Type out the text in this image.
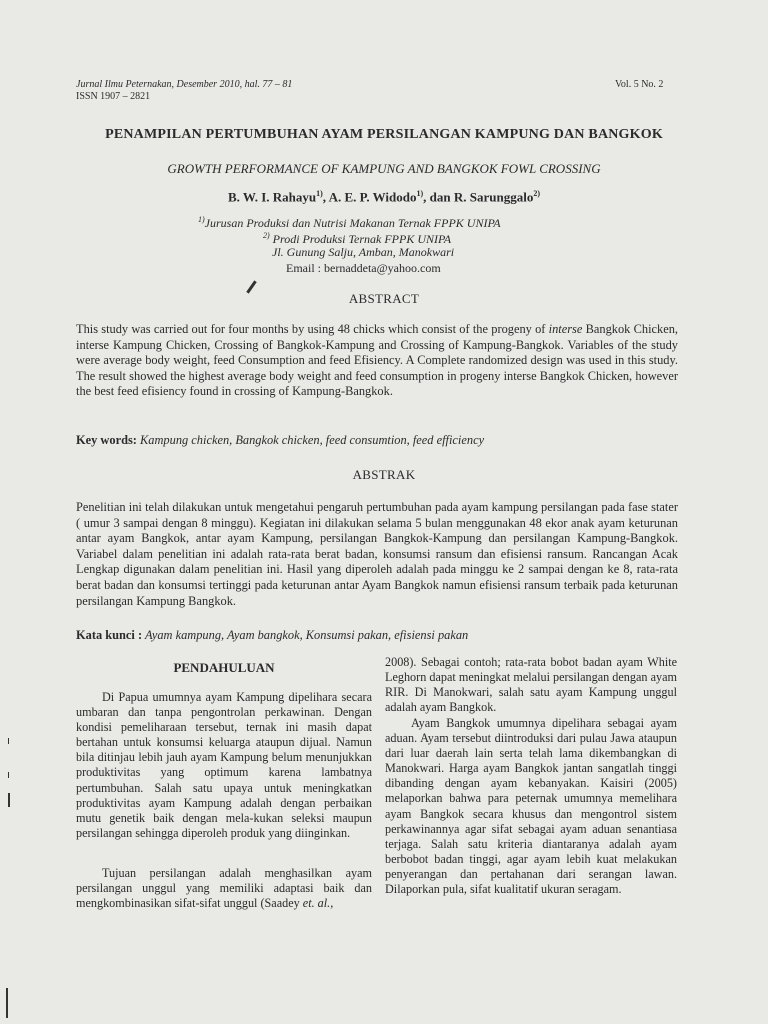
Jurnal Ilmu Peternakan, Desember 2010, hal. 77 – 81
ISSN 1907 – 2821
Vol. 5 No. 2
PENAMPILAN PERTUMBUHAN AYAM PERSILANGAN KAMPUNG DAN BANGKOK
GROWTH PERFORMANCE OF KAMPUNG AND BANGKOK FOWL CROSSING
B. W. I. Rahayu$^{1)}$, A. E. P. Widodo$^{1)}$, dan R. Sarunggalo$^{2)}$
$^{1)}$Jurusan Produksi dan Nutrisi Makanan Ternak FPPK UNIPA
$^{2)}$ Prodi Produksi Ternak FPPK UNIPA
Jl. Gunung Salju, Amban, Manokwari
Email : bernaddeta@yahoo.com
ABSTRACT
This study was carried out for four months by using 48 chicks which consist of the progeny of interse Bangkok Chicken, interse Kampung Chicken, Crossing of Bangkok-Kampung and Crossing of Kampung-Bangkok. Variables of the study were average body weight, feed Consumption and feed Efisiency. A Complete randomized design was used in this study. The result showed the highest average body weight and feed consumption in progeny interse Bangkok Chicken, however the best feed efisiency found in crossing of Kampung-Bangkok.
Key words: Kampung chicken, Bangkok chicken, feed consumtion, feed efficiency
ABSTRAK
Penelitian ini telah dilakukan untuk mengetahui pengaruh pertumbuhan pada ayam kampung persilangan pada fase stater ( umur 3 sampai dengan 8 minggu). Kegiatan ini dilakukan selama 5 bulan menggunakan 48 ekor anak ayam keturunan antar ayam Bangkok, antar ayam Kampung, persilangan Bangkok-Kampung dan persilangan Kampung-Bangkok. Variabel dalam penelitian ini adalah rata-rata berat badan, konsumsi ransum dan efisiensi ransum. Rancangan Acak Lengkap digunakan dalam penelitian ini. Hasil yang diperoleh adalah pada minggu ke 2 sampai dengan ke 8, rata-rata berat badan dan konsumsi tertinggi pada keturunan antar Ayam Bangkok namun efisiensi ransum terbaik pada keturunan persilangan Kampung Bangkok.
Kata kunci : Ayam kampung, Ayam bangkok, Konsumsi pakan, efisiensi pakan
PENDAHULUAN
Di Papua umumnya ayam Kampung dipelihara secara umbaran dan tanpa pengontrolan perkawinan. Dengan kondisi pemeliharaan tersebut, ternak ini masih dapat bertahan untuk konsumsi keluarga ataupun dijual. Namun bila ditinjau lebih jauh ayam Kampung belum menunjukkan produktivitas yang optimum karena lambatnya pertumbuhan. Salah satu upaya untuk meningkatkan produktivitas ayam Kampung adalah dengan perbaikan mutu genetik baik dengan mela-kukan seleksi maupun persilangan sehingga diperoleh produk yang diinginkan.
Tujuan persilangan adalah menghasilkan ayam persilangan unggul yang memiliki adaptasi baik dan mengkombinasikan sifat-sifat unggul (Saadey et. al.,
2008). Sebagai contoh; rata-rata bobot badan ayam White Leghorn dapat meningkat melalui persilangan dengan ayam RIR. Di Manokwari, salah satu ayam Kampung unggul adalah ayam Bangkok.
Ayam Bangkok umumnya dipelihara sebagai ayam aduan. Ayam tersebut diintroduksi dari pulau Jawa ataupun dari luar daerah lain serta telah lama dikembangkan di Manokwari. Harga ayam Bangkok jantan sangatlah tinggi dibanding dengan ayam kebanyakan. Kaisiri (2005) melaporkan bahwa para peternak umumnya memelihara ayam Bangkok secara khusus dan mengontrol sistem perkawinannya agar sifat sebagai ayam aduan senantiasa terjaga. Salah satu kriteria diantaranya adalah ayam berbobot badan tinggi, agar ayam lebih kuat melakukan penyerangan dan pertahanan dari serangan lawan. Dilaporkan pula, sifat kualitatif ukuran seragam.
